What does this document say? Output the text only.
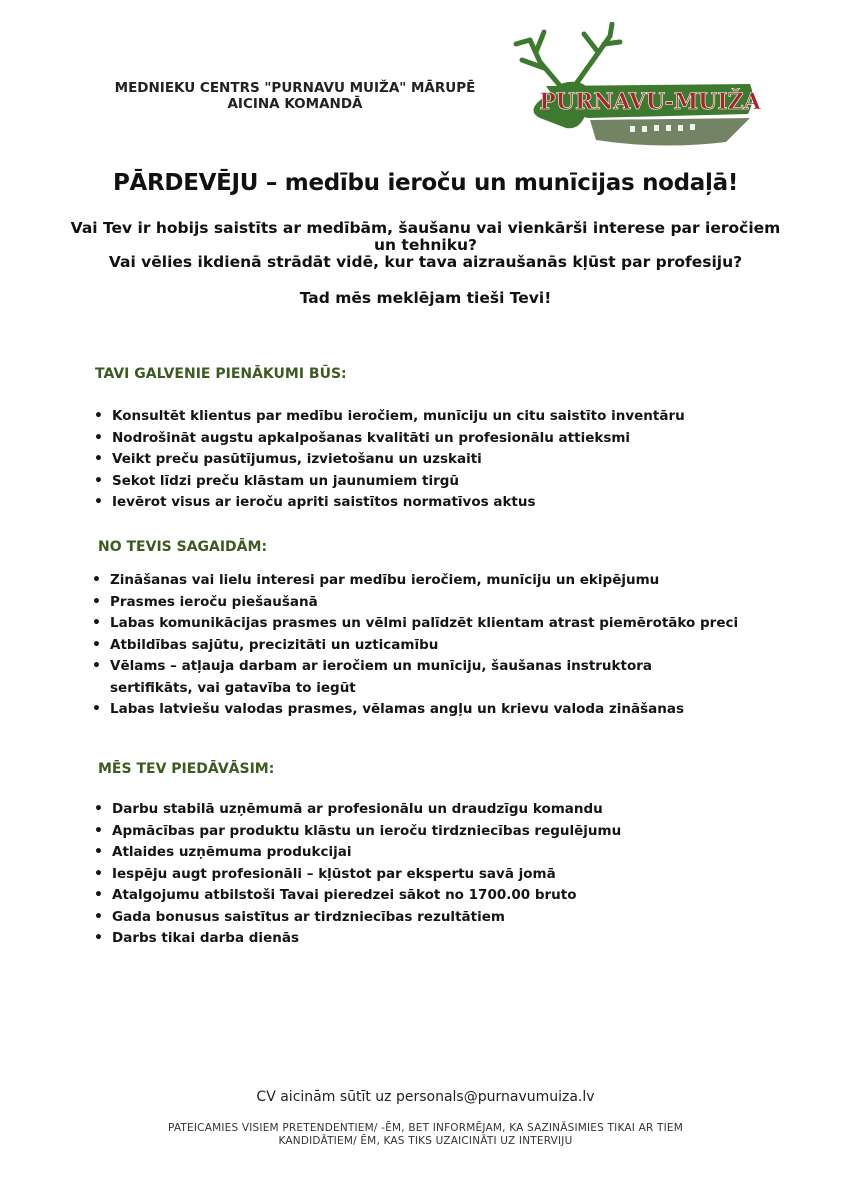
MEDNIEKU CENTRS "PURNAVU MUIŽA" MĀRUPĒ
AICINA KOMANDĀ	PURNAVU-MUIŽA
PĀRDEVĒJU – medību ieroču un munīcijas nodaļā!

Vai Tev ir hobijs saistīts ar medībām, šaušanu vai vienkārši interese par ieročiem un tehniku?

Vai vēlies ikdienā strādāt vidē, kur tava aizraušanās kļūst par profesiju?

Tad mēs meklējam tieši Tevi!
TAVI GALVENIE PIENĀKUMI BŪS:
• Konsultēt klientus par medību ieročiem, munīciju un citu saistīto inventāru
• Nodrošināt augstu apkalpošanas kvalitāti un profesionālu attieksmi
• Veikt preču pasūtījumus, izvietošanu un uzskaiti
• Sekot līdzi preču klāstam un jaunumiem tirgū
• Ievērot visus ar ieroču apriti saistītos normatīvos aktus
NO TEVIS SAGAIDĀM:
• Zināšanas vai lielu interesi par medību ieročiem, munīciju un ekipējumu
• Prasmes ieroču piešaušanā
• Labas komunikācijas prasmes un vēlmi palīdzēt klientam atrast piemērotāko preci
• Atbildības sajūtu, precizitāti un uzticamību
• Vēlams – atļauja darbam ar ieročiem un munīciju, šaušanas instruktora sertifikāts, vai gatavība to iegūt
• Labas latviešu valodas prasmes, vēlamas angļu un krievu valoda zināšanas
MĒS TEV PIEDĀVĀSIM:
• Darbu stabilā uzņēmumā ar profesionālu un draudzīgu komandu
• Apmācības par produktu klāstu un ieroču tirdzniecības regulējumu
• Atlaides uzņēmuma produkcijai
• Iespēju augt profesionāli – kļūstot par ekspertu savā jomā
• Atalgojumu atbilstoši Tavai pieredzei sākot no 1700.00 bruto
• Gada bonusus saistītus ar tirdzniecības rezultātiem
• Darbs tikai darba dienās
CV aicinām sūtīt uz personals@purnavumuiza.lv
PATEICAMIES VISIEM PRETENDENTIEM/ -ĒM, BET INFORMĒJAM, KA SAZINĀSIMIES TIKAI AR TIEM KANDIDĀTIEM/ ĒM, KAS TIKS UZAICINĀTI UZ INTERVIJU
